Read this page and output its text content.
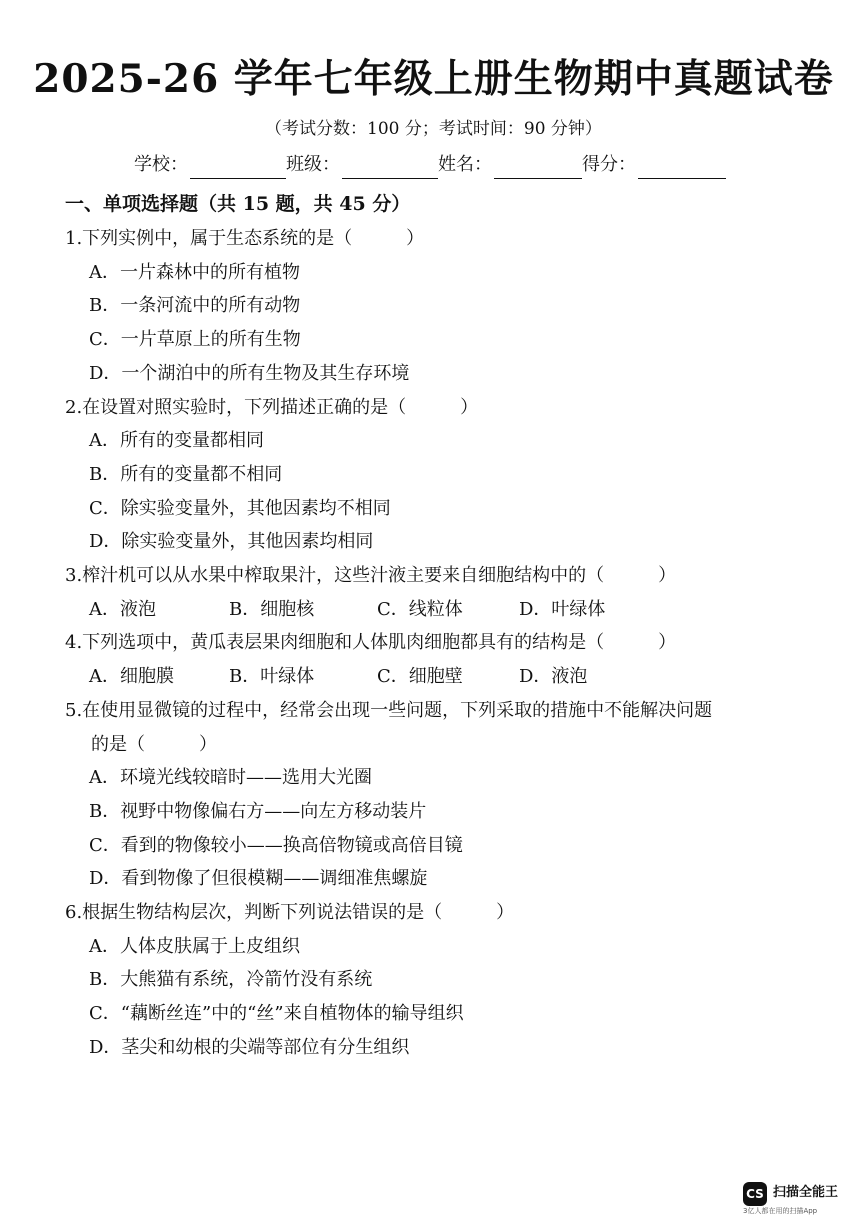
2025-26 学年七年级上册生物期中真题试卷
（考试分数：100 分；考试时间：90 分钟）
学校：	班级：	姓名：	得分：
一、单项选择题（共 15 题，共 45 分）
1.下列实例中，属于生态系统的是（　　　）
A．一片森林中的所有植物
B．一条河流中的所有动物
C．一片草原上的所有生物
D．一个湖泊中的所有生物及其生存环境
2.在设置对照实验时，下列描述正确的是（　　　）
A．所有的变量都相同
B．所有的变量都不相同
C．除实验变量外，其他因素均不相同
D．除实验变量外，其他因素均相同
3.榨汁机可以从水果中榨取果汁，这些汁液主要来自细胞结构中的（　　　）
A．液泡	B．细胞核	C．线粒体	D．叶绿体
4.下列选项中，黄瓜表层果肉细胞和人体肌肉细胞都具有的结构是（　　　）
A．细胞膜	B．叶绿体	C．细胞壁	D．液泡
5.在使用显微镜的过程中，经常会出现一些问题，下列采取的措施中不能解决问题
的是（　　　）
A．环境光线较暗时——选用大光圈
B．视野中物像偏右方——向左方移动装片
C．看到的物像较小——换高倍物镜或高倍目镜
D．看到物像了但很模糊——调细准焦螺旋
6.根据生物结构层次，判断下列说法错误的是（　　　）
A．人体皮肤属于上皮组织
B．大熊猫有系统，冷箭竹没有系统
C．“藕断丝连”中的“丝”来自植物体的输导组织
D．茎尖和幼根的尖端等部位有分生组织
CS 扫描全能王
3亿人都在用的扫描App
